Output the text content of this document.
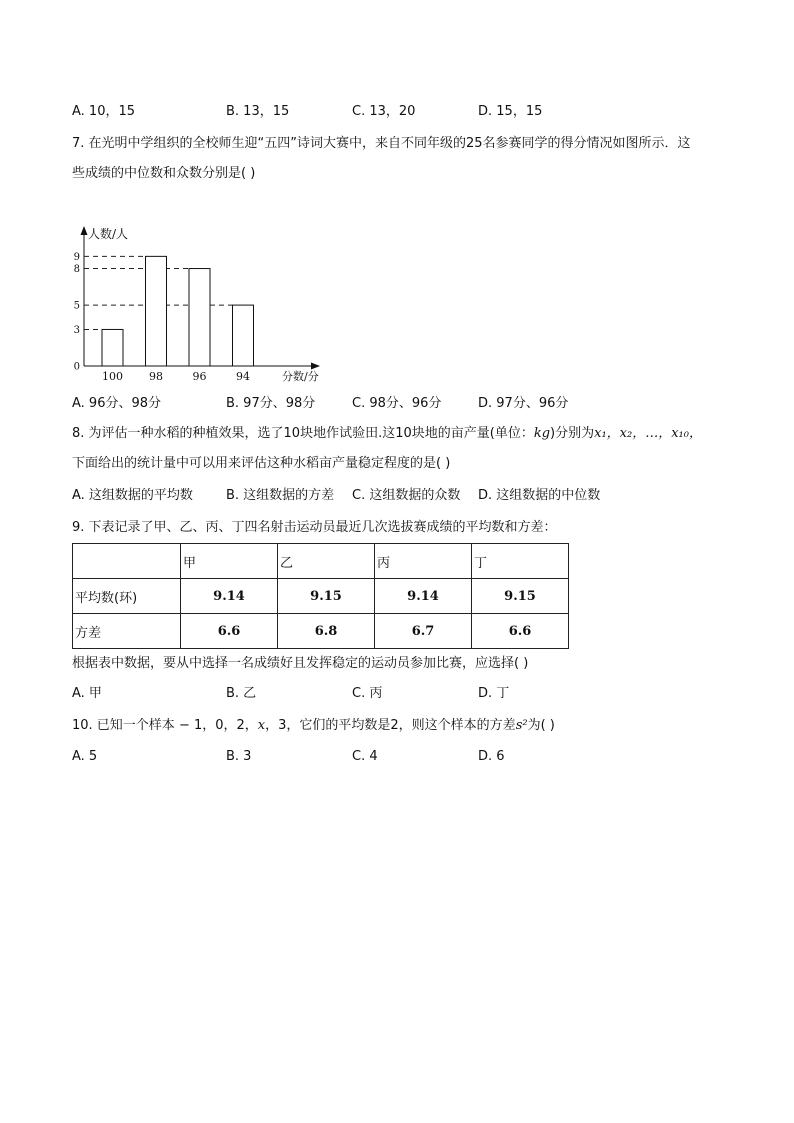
A. 10，15	B. 13，15	C. 13，20	D. 15，15
7. 在光明中学组织的全校师生迎“五四”诗词大赛中，来自不同年级的25名参赛同学的得分情况如图所示．这
些成绩的中位数和众数分别是( )
人数/人
分数/分
0
3
5
8
9
100 98	96	94
A. 96分、98分	B. 97分、98分	C. 98分、96分	D. 97分、96分
8. 为评估一种水稻的种植效果，选了10块地作试验田.这10块地的亩产量(单位：kg)分别为x₁，x₂，…，x₁₀，
下面给出的统计量中可以用来评估这种水稻亩产量稳定程度的是( )
A. 这组数据的平均数	B. 这组数据的方差 C. 这组数据的众数 D. 这组数据的中位数
9. 下表记录了甲、乙、丙、丁四名射击运动员最近几次选拔赛成绩的平均数和方差：
	甲	乙	丙	丁
平均数(环)	9.14	9.15	9.14	9.15
方差	6.6	6.8	6.7	6.6
根据表中数据，要从中选择一名成绩好且发挥稳定的运动员参加比赛，应选择( )
A. 甲	B. 乙	C. 丙	D. 丁
10. 已知一个样本 − 1，0，2，x，3，它们的平均数是2，则这个样本的方差s²为( )
A. 5	B. 3	C. 4	D. 6
